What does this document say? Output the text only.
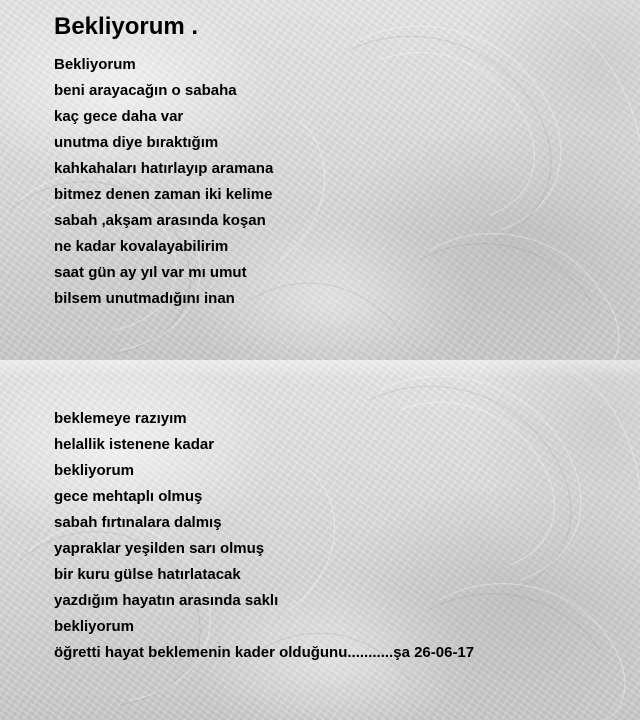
Bekliyorum .
Bekliyorum
beni arayacağın o sabaha
kaç gece daha var
unutma diye bıraktığım
kahkahaları hatırlayıp aramana
bitmez denen zaman iki kelime
sabah ,akşam arasında koşan
ne kadar kovalayabilirim
saat gün ay yıl var mı umut
bilsem unutmadığını inan
beklemeye razıyım
helallik istenene kadar
bekliyorum
gece mehtaplı olmuş
sabah fırtınalara dalmış
yapraklar yeşilden sarı olmuş
bir kuru gülse hatırlatacak
yazdığım hayatın arasında saklı
bekliyorum
öğretti hayat beklemenin kader olduğunu...........şa 26-06-17
